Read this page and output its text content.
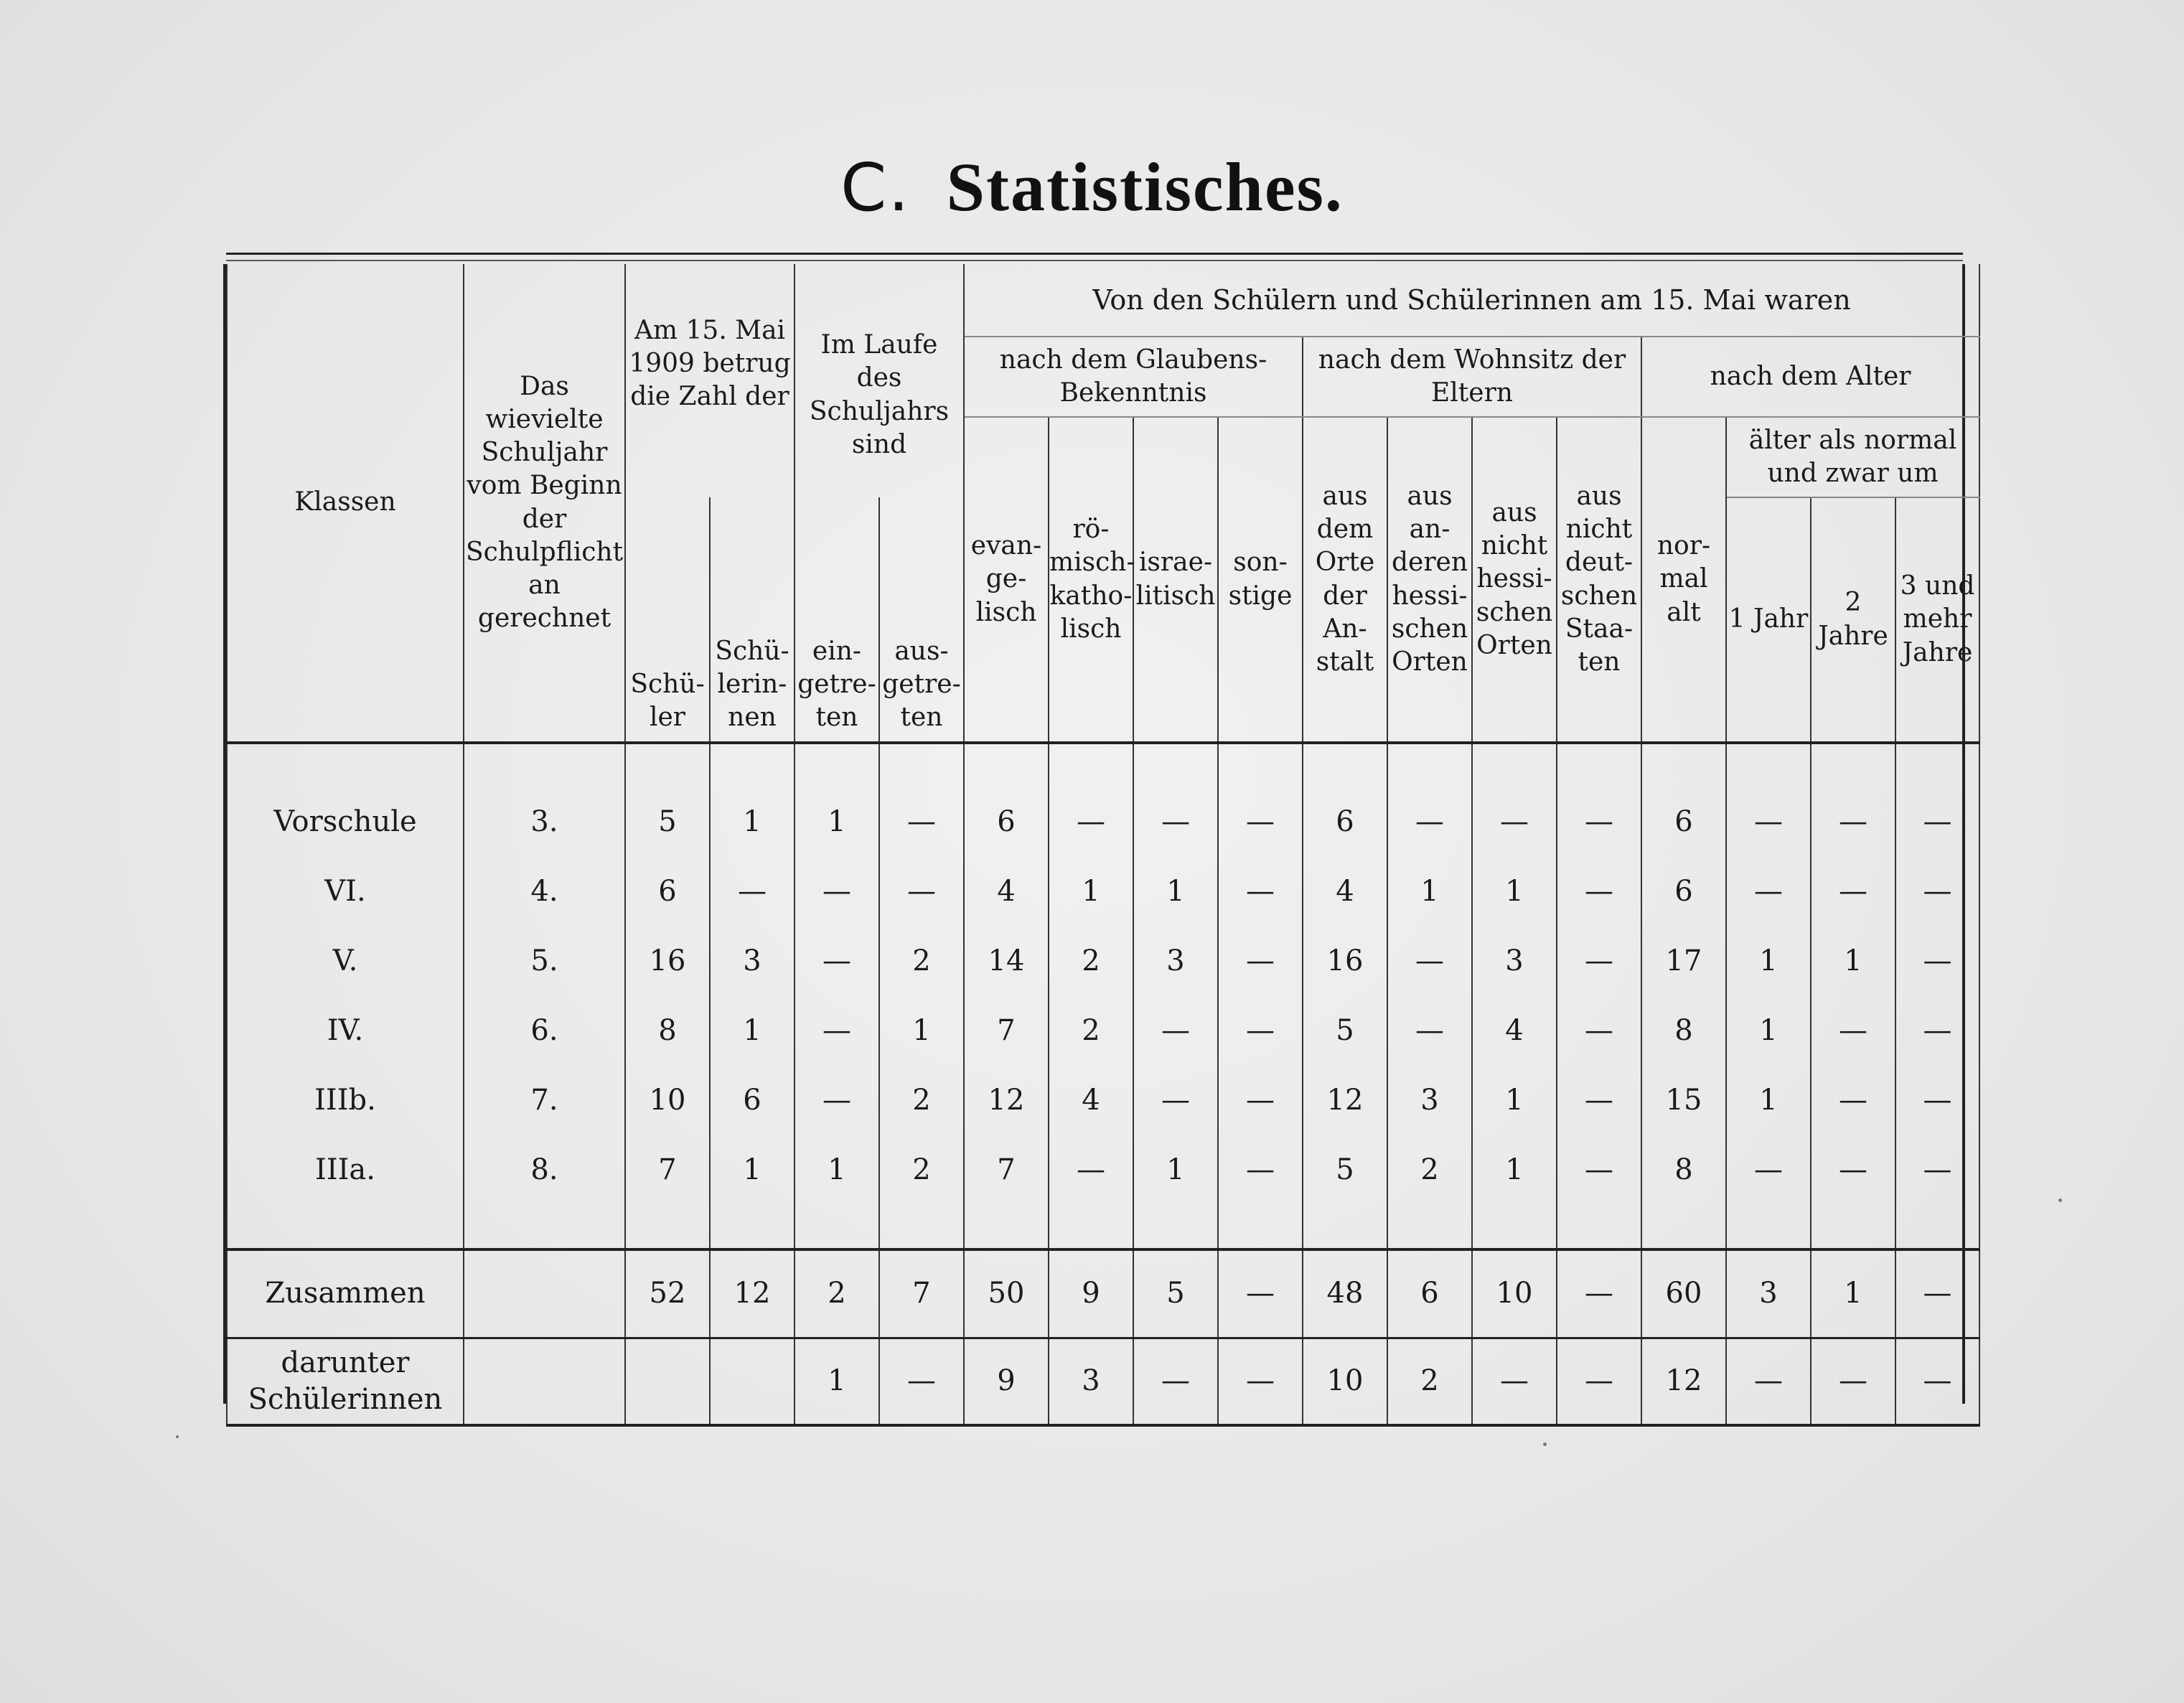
C. Statistisches.
Klassen	Das wievielte Schuljahr vom Beginn der Schulpflicht an gerechnet	Am 15. Mai 1909 betrug die Zahl der		Im Laufe des Schuljahrs sind		Von den Schülern und Schülerinnen am 15. Mai waren											
						nach dem Glaubens- Bekenntnis				nach dem Wohnsitz der Eltern				nach dem Alter			
						evan- ge- lisch	rö- misch- katho- lisch	israe- litisch	son- stige	aus dem Orte der An- stalt	aus an- deren hessi- schen Orten	aus nicht hessi- schen Orten	aus nicht deut- schen Staa- ten	nor- mal alt	älter als normal und zwar um		
		Schü- ler	Schü- lerin- nen	ein- getre- ten	aus- getre- ten										1 Jahr	2 Jahre	3 und mehr Jahre

Vorschule	3.	5	1	1	—	6	—	—	—	6	—	—	—	6	—	—	—
VI.	4.	6	—	—	—	4	1	1	—	4	1	1	—	6	—	—	—
V.	5.	16	3	—	2	14	2	3	—	16	—	3	—	17	1	1	—
IV.	6.	8	1	—	1	7	2	—	—	5	—	4	—	8	1	—	—
IIIb.	7.	10	6	—	2	12	4	—	—	12	3	1	—	15	1	—	—
IIIa.	8.	7	1	1	2	7	—	1	—	5	2	1	—	8	—	—	—

Zusammen		52	12	2	7	50	9	5	—	48	6	10	—	60	3	1	—
darunter Schülerinnen				1	—	9	3	—	—	10	2	—	—	12	—	—	—
